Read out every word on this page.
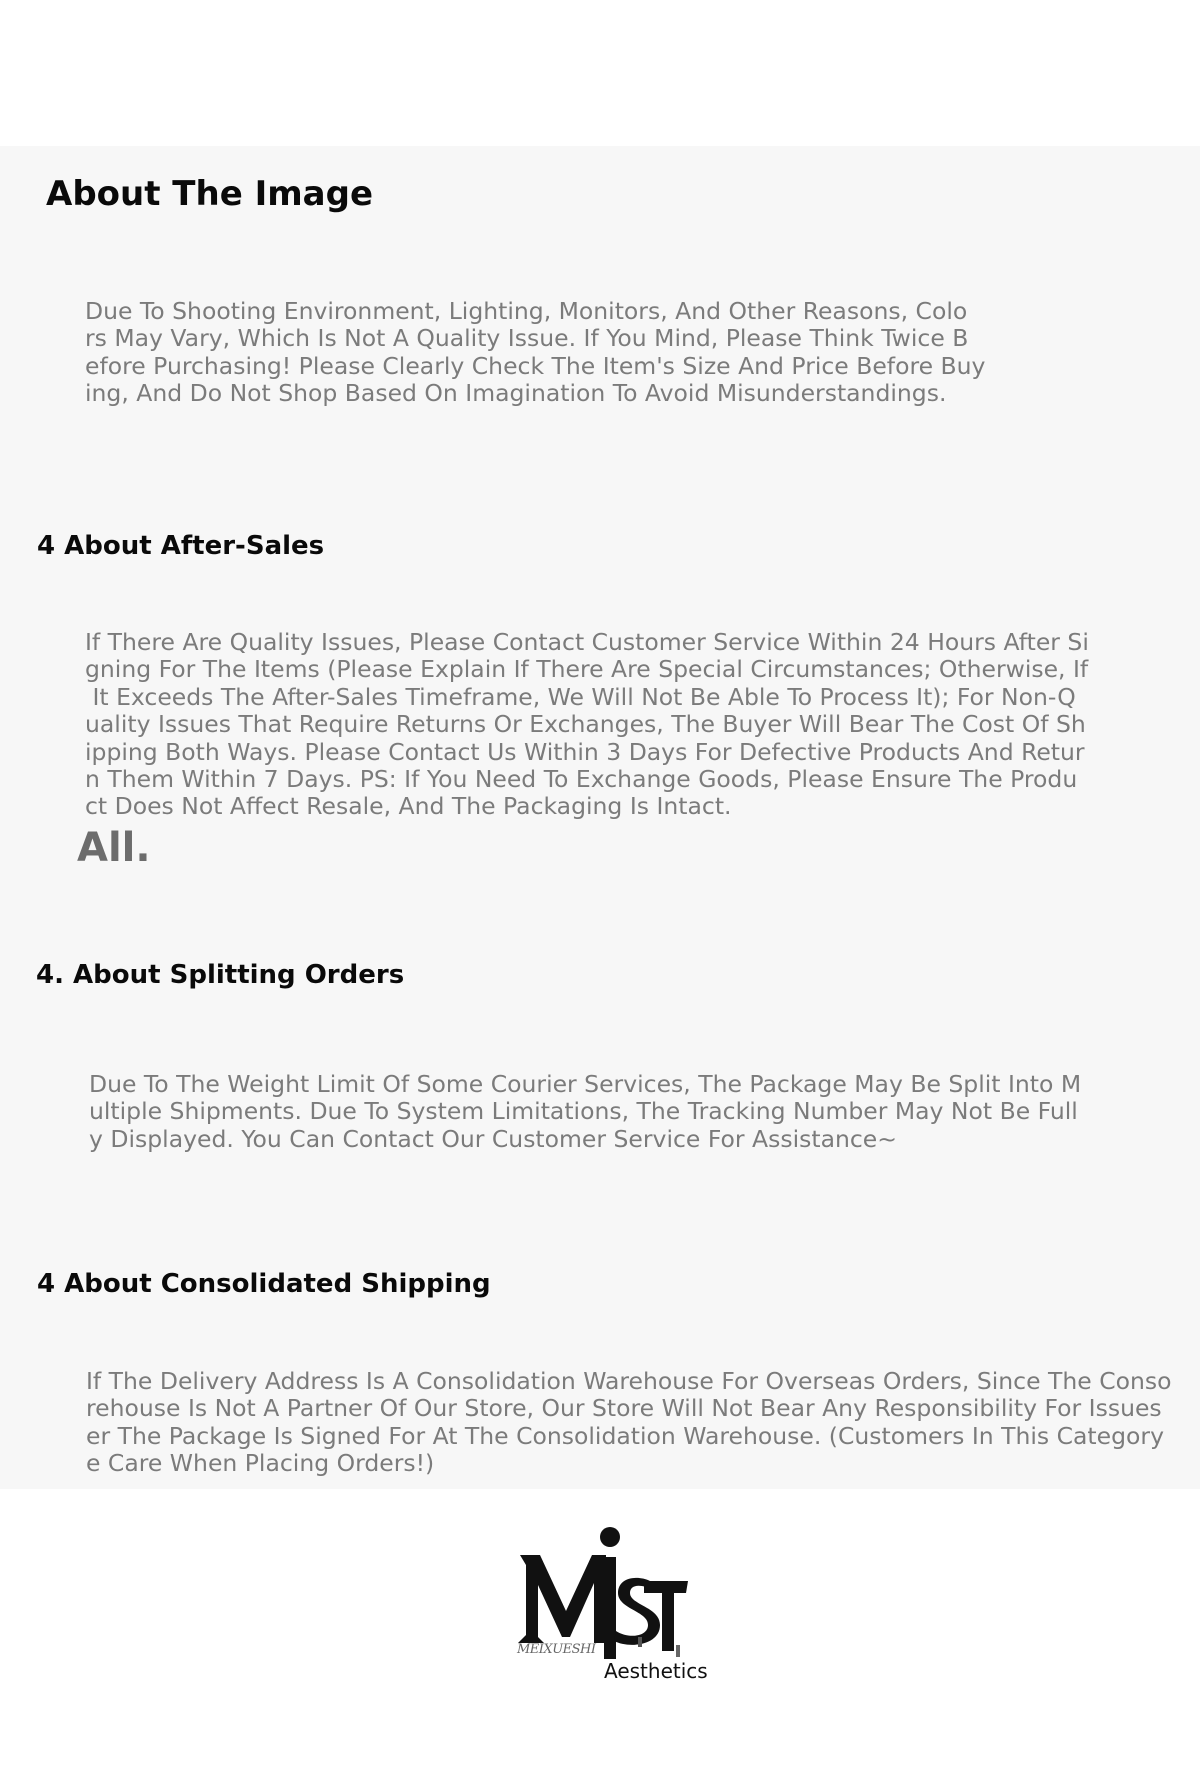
About The Image

Due To Shooting Environment, Lighting, Monitors, And Other Reasons, Colo
rs May Vary, Which Is Not A Quality Issue. If You Mind, Please Think Twice B
efore Purchasing! Please Clearly Check The Item's Size And Price Before Buy
ing, And Do Not Shop Based On Imagination To Avoid Misunderstandings.

4 About After-Sales

If There Are Quality Issues, Please Contact Customer Service Within 24 Hours After Si
gning For The Items (Please Explain If There Are Special Circumstances; Otherwise, If
It Exceeds The After-Sales Timeframe, We Will Not Be Able To Process It); For Non-Q
uality Issues That Require Returns Or Exchanges, The Buyer Will Bear The Cost Of Sh
ipping Both Ways. Please Contact Us Within 3 Days For Defective Products And Retur
n Them Within 7 Days. PS: If You Need To Exchange Goods, Please Ensure The Produ
ct Does Not Affect Resale, And The Packaging Is Intact.

All.

4. About Splitting Orders

Due To The Weight Limit Of Some Courier Services, The Package May Be Split Into M
ultiple Shipments. Due To System Limitations, The Tracking Number May Not Be Full
y Displayed. You Can Contact Our Customer Service For Assistance~

4 About Consolidated Shipping

If The Delivery Address Is A Consolidation Warehouse For Overseas Orders, Since The Conso
rehouse Is Not A Partner Of Our Store, Our Store Will Not Bear Any Responsibility For Issues
er The Package Is Signed For At The Consolidation Warehouse. (Customers In This Category
e Care When Placing Orders!)

MEIXUESHI
Aesthetics
